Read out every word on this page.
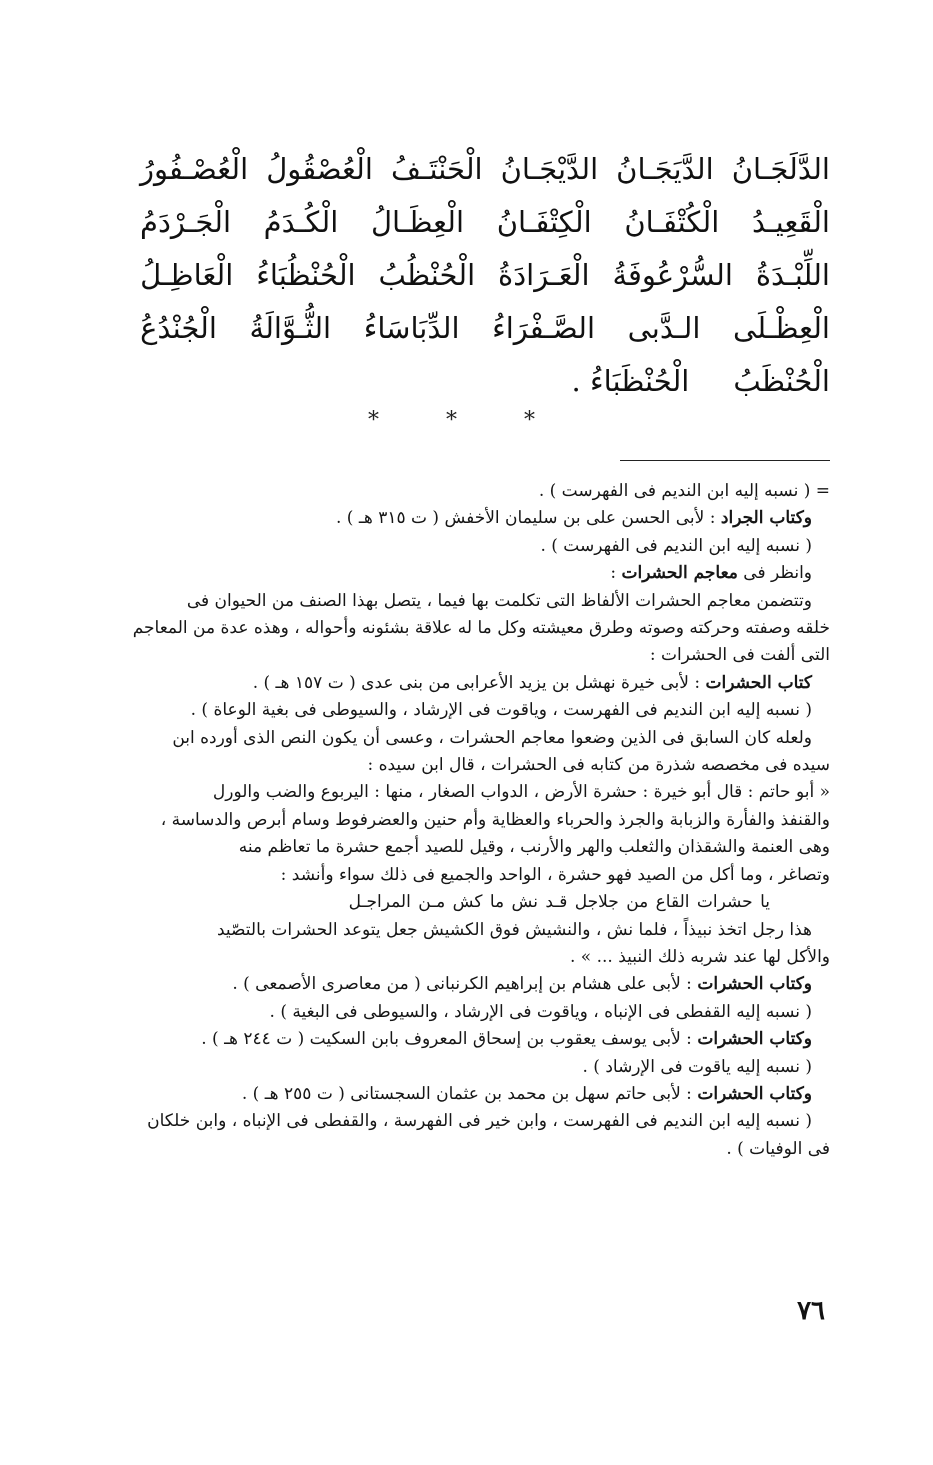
الدَّلَجَـانُ
الدَّيَجَـانُ
الدَّيْجَـانُ
الْحَنْتَـفُ
الْعُصْقُولُ
الْعُصْـفُورُ
الْقَعِيـدُ
الْكُتْفَـانُ
الْكِتْفَـانُ
الْعِظَـالُ
الْكُـدَمُ
الْجَـرْدَمُ
اللِّبْـدَةُ
السُّرْعُوفَةُ
الْعَـرَادَةُ
الْحُنْظُبُ
الْحُنْظُبَاءُ
الْعَاظِـلُ
الْعِظْـلَى
الـدَّبى
الصَّـفْرَاءُ
الدِّبَاسَاءُ
الثُّـوَّالَةُ
الْجُنْدُعُ
الْحُنْظَبُ
الْحُنْظَبَاءُ .
* * *

= ( نسبه إليه ابن النديم فى الفهرست ) .

وكتاب الجراد : لأبى الحسن على بن سليمان الأخفش ( ت ٣١٥ هـ ) .

( نسبه إليه ابن النديم فى الفهرست ) .

وانظر فى معاجم الحشرات :

وتتضمن معاجم الحشرات الألفاظ التى تكلمت بها فيما ، يتصل بهذا الصنف من الحيوان فى

خلقه وصفته وحركته وصوته وطرق معيشته وكل ما له علاقة بشئونه وأحواله ، وهذه عدة من المعاجم

التى ألفت فى الحشرات :

كتاب الحشرات : لأبى خيرة نهشل بن يزيد الأعرابى من بنى عدى ( ت ١٥٧ هـ ) .

( نسبه إليه ابن النديم فى الفهرست ، وياقوت فى الإرشاد ، والسيوطى فى بغية الوعاة ) .

ولعله كان السابق فى الذين وضعوا معاجم الحشرات ، وعسى أن يكون النص الذى أورده ابن

سيده فى مخصصه شذرة من كتابه فى الحشرات ، قال ابن سيده :

« أبو حاتم : قال أبو خيرة : حشرة الأرض ، الدواب الصغار ، منها : اليربوع والضب والورل

والقنفذ والفأرة والزبابة والجرذ والحرباء والعظاية وأم حنين والعضرفوط وسام أبرص والدساسة ،

وهى العنمة والشقذان والثعلب والهر والأرنب ، وقيل للصيد أجمع حشرة ما تعاظم منه

وتصاغر ، وما أكل من الصيد فهو حشرة ، الواحد والجميع فى ذلك سواء وأنشد :

يا حشرات القاع من جلاجل قـد نش ما كش مـن المراجـل

هذا رجل اتخذ نبيذاً ، فلما نش ، والنشيش فوق الكشيش جعل يتوعد الحشرات بالتصّيد

والأكل لها عند شربه ذلك النبيذ ... » .

وكتاب الحشرات : لأبى على هشام بن إبراهيم الكرنبانى ( من معاصرى الأصمعى ) .

( نسبه إليه القفطى فى الإنباه ، وياقوت فى الإرشاد ، والسيوطى فى البغية ) .

وكتاب الحشرات : لأبى يوسف يعقوب بن إسحاق المعروف بابن السكيت ( ت ٢٤٤ هـ ) .

( نسبه إليه ياقوت فى الإرشاد ) .

وكتاب الحشرات : لأبى حاتم سهل بن محمد بن عثمان السجستانى ( ت ٢٥٥ هـ ) .

( نسبه إليه ابن النديم فى الفهرست ، وابن خير فى الفهرسة ، والقفطى فى الإنباه ، وابن خلكان

فى الوفيات ) .

٧٦
